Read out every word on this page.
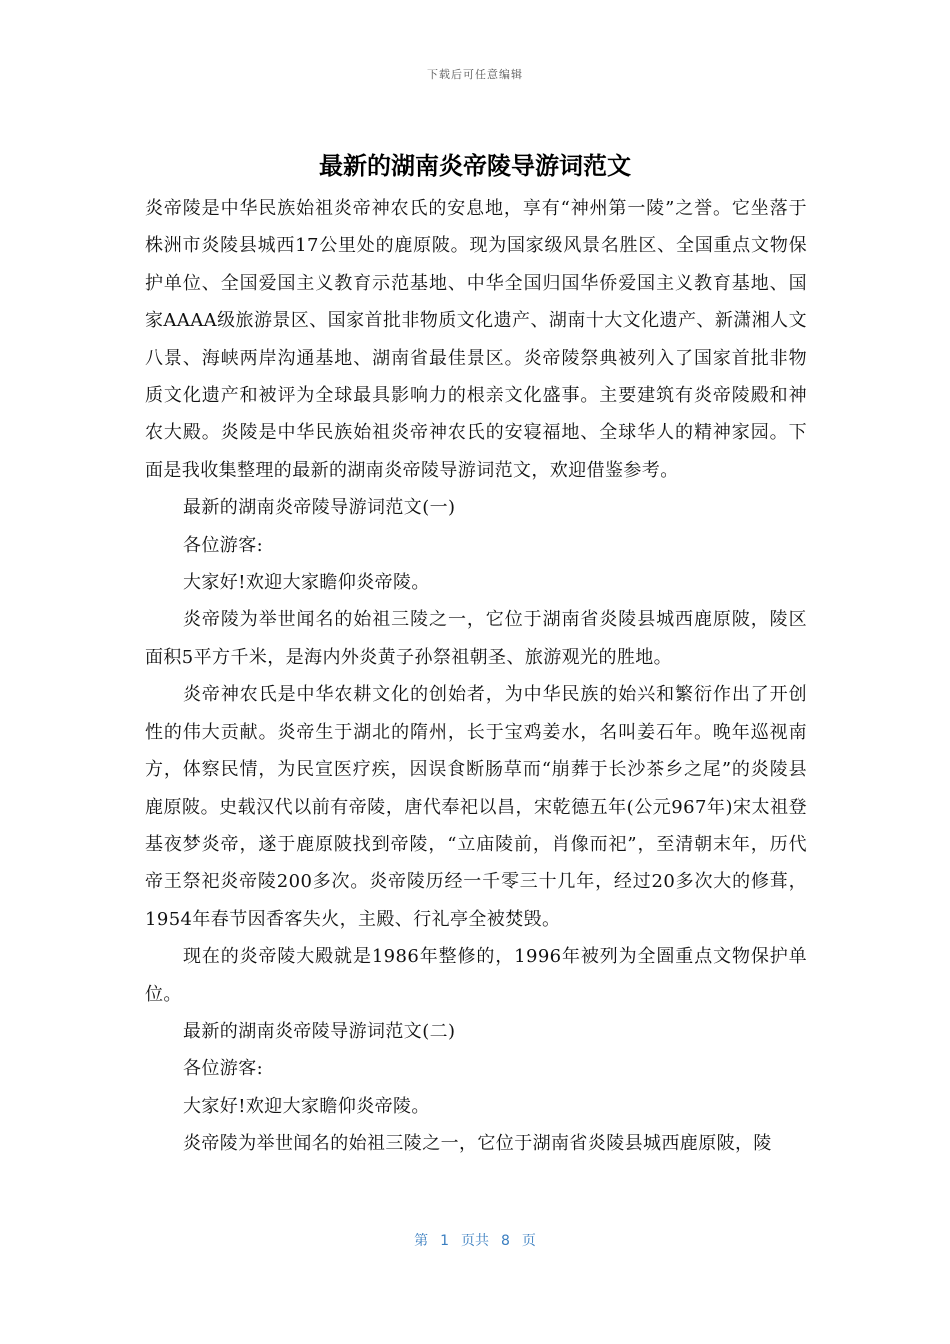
下载后可任意编辑
最新的湖南炎帝陵导游词范文

炎帝陵是中华民族始祖炎帝神农氏的安息地，享有“神州第一陵”之誉。它坐落于株洲市炎陵县城西17公里处的鹿原陂。现为国家级风景名胜区、全国重点文物保护单位、全国爱国主义教育示范基地、中华全国归国华侨爱国主义教育基地、国家AAAA级旅游景区、国家首批非物质文化遗产、湖南十大文化遗产、新潇湘人文八景、海峡两岸沟通基地、湖南省最佳景区。炎帝陵祭典被列入了国家首批非物质文化遗产和被评为全球最具影响力的根亲文化盛事。主要建筑有炎帝陵殿和神农大殿。炎陵是中华民族始祖炎帝神农氏的安寝福地、全球华人的精神家园。下面是我收集整理的最新的湖南炎帝陵导游词范文，欢迎借鉴参考。

最新的湖南炎帝陵导游词范文(一)

各位游客:

大家好!欢迎大家瞻仰炎帝陵。

炎帝陵为举世闻名的始祖三陵之一，它位于湖南省炎陵县城西鹿原陂，陵区面积5平方千米，是海内外炎黄子孙祭祖朝圣、旅游观光的胜地。

炎帝神农氏是中华农耕文化的创始者，为中华民族的始兴和繁衍作出了开创性的伟大贡献。炎帝生于湖北的隋州，长于宝鸡姜水，名叫姜石年。晚年巡视南方，体察民情，为民宣医疗疾，因误食断肠草而“崩葬于长沙茶乡之尾”的炎陵县鹿原陂。史载汉代以前有帝陵，唐代奉祀以昌，宋乾德五年(公元967年)宋太祖登基夜梦炎帝，遂于鹿原陂找到帝陵，“立庙陵前，肖像而祀”，至清朝末年，历代帝王祭祀炎帝陵200多次。炎帝陵历经一千零三十几年，经过20多次大的修葺，1954年春节因香客失火，主殿、行礼亭全被焚毁。

现在的炎帝陵大殿就是1986年整修的，1996年被列为全圄重点文物保护单位。

最新的湖南炎帝陵导游词范文(二)

各位游客:

大家好!欢迎大家瞻仰炎帝陵。

炎帝陵为举世闻名的始祖三陵之一，它位于湖南省炎陵县城西鹿原陂，陵

第 1 页共 8 页
